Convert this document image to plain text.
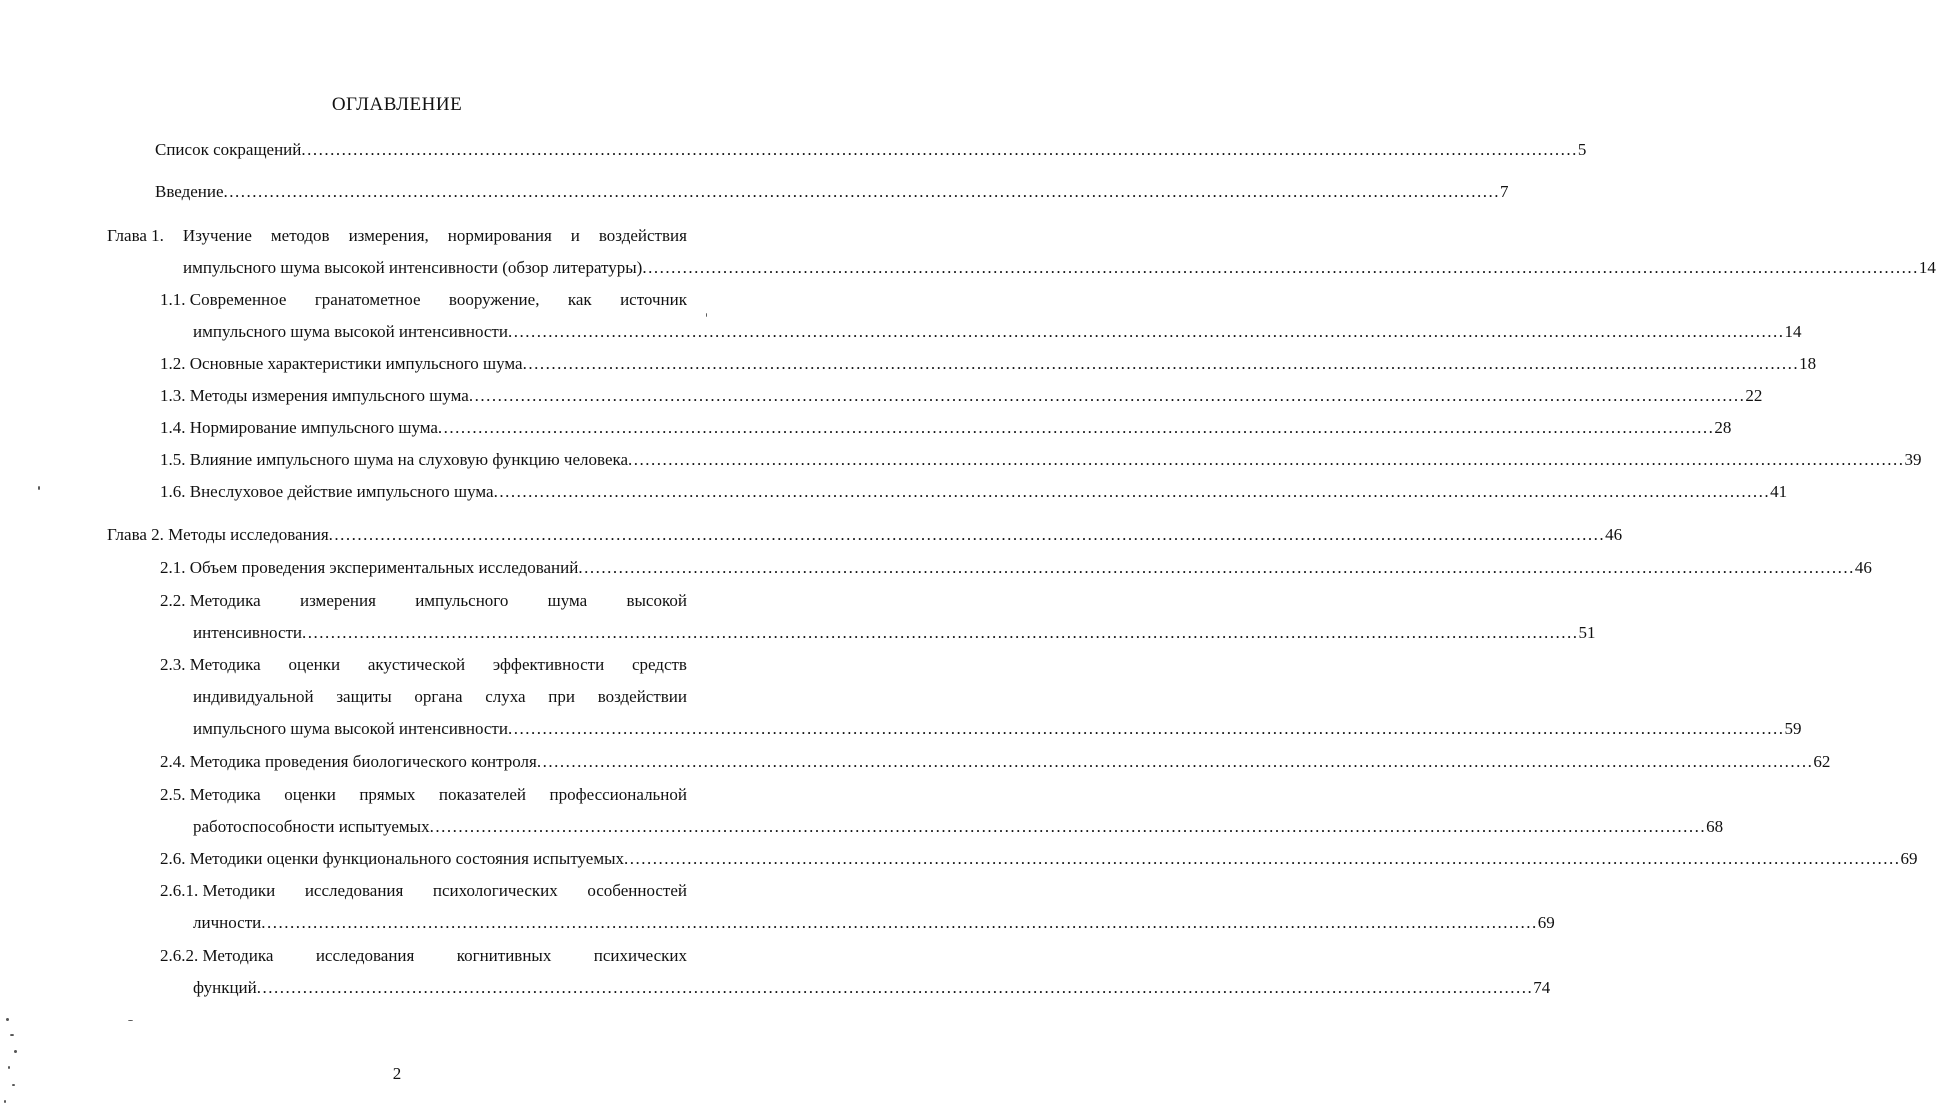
ОГЛАВЛЕНИЕ
Список сокращений .............................................................................................................................................................................................................................. 5
Введение .............................................................................................................................................................................................................................. 7
Глава 1. Изучение методов измерения, нормирования и воздействия
импульсного шума высокой интенсивности (обзор литературы) .............................................................................................................................................................................................................................. 14
1.1. Современное гранатометное вооружение, как источник
импульсного шума высокой интенсивности .............................................................................................................................................................................................................................. 14
1.2. Основные характеристики импульсного шума .............................................................................................................................................................................................................................. 18
1.3. Методы измерения импульсного шума .............................................................................................................................................................................................................................. 22
1.4. Нормирование импульсного шума .............................................................................................................................................................................................................................. 28
1.5. Влияние импульсного шума на слуховую функцию человека .............................................................................................................................................................................................................................. 39
1.6. Внеслуховое действие импульсного шума .............................................................................................................................................................................................................................. 41
Глава 2. Методы исследования .............................................................................................................................................................................................................................. 46
2.1. Объем проведения экспериментальных исследований .............................................................................................................................................................................................................................. 46
2.2. Методика измерения импульсного шума высокой
интенсивности .............................................................................................................................................................................................................................. 51
2.3. Методика оценки акустической эффективности средств
индивидуальной защиты органа слуха при воздействии
импульсного шума высокой интенсивности .............................................................................................................................................................................................................................. 59
2.4. Методика проведения биологического контроля .............................................................................................................................................................................................................................. 62
2.5. Методика оценки прямых показателей профессиональной
работоспособности испытуемых .............................................................................................................................................................................................................................. 68
2.6. Методики оценки функционального состояния испытуемых .............................................................................................................................................................................................................................. 69
2.6.1. Методики исследования психологических особенностей
личности .............................................................................................................................................................................................................................. 69
2.6.2. Методика исследования когнитивных психических
функций .............................................................................................................................................................................................................................. 74
2
